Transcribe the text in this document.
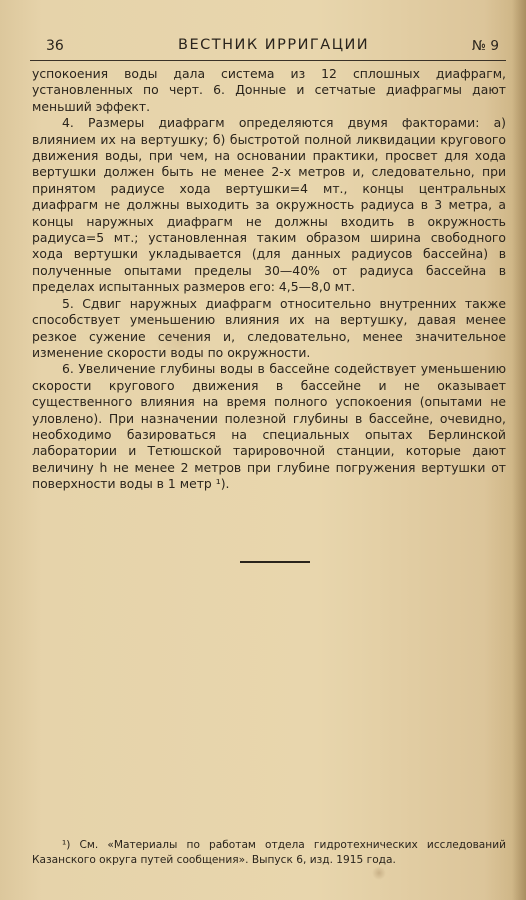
36	ВЕСТНИК ИРРИГАЦИИ	№ 9

успокоения воды дала система из 12 сплошных диафрагм, установленных по черт. 6. Донные и сетчатые диафрагмы дают меньший эффект.

4. Размеры диафрагм определяются двумя факторами: а) влиянием их на вертушку; б) быстротой полной ликвидации кругового движения воды, при чем, на основании практики, просвет для хода вертушки должен быть не менее 2-х метров и, следовательно, при принятом радиусе хода вертушки=4 мт., концы центральных диафрагм не должны выходить за окружность радиуса в 3 метра, а концы наружных диафрагм не должны входить в окружность радиуса=5 мт.; установленная таким образом ширина свободного хода вертушки укладывается (для данных радиусов бассейна) в полученные опытами пределы 30—40% от радиуса бассейна в пределах испытанных размеров его: 4,5—8,0 мт.

5. Сдвиг наружных диафрагм относительно внутренних также способствует уменьшению влияния их на вертушку, давая менее резкое сужение сечения и, следовательно, менее значительное изменение скорости воды по окружности.

6. Увеличение глубины воды в бассейне содействует уменьшению скорости кругового движения в бассейне и не оказывает существенного влияния на время полного успокоения (опытами не уловлено). При назначении полезной глубины в бассейне, очевидно, необходимо базироваться на специальных опытах Берлинской лаборатории и Тетюшской тарировочной станции, которые дают величину h не менее 2 метров при глубине погружения вертушки от поверхности воды в 1 метр ¹).

¹) См. «Материалы по работам отдела гидротехнических исследований Казанского округа путей сообщения». Выпуск 6, изд. 1915 года.
